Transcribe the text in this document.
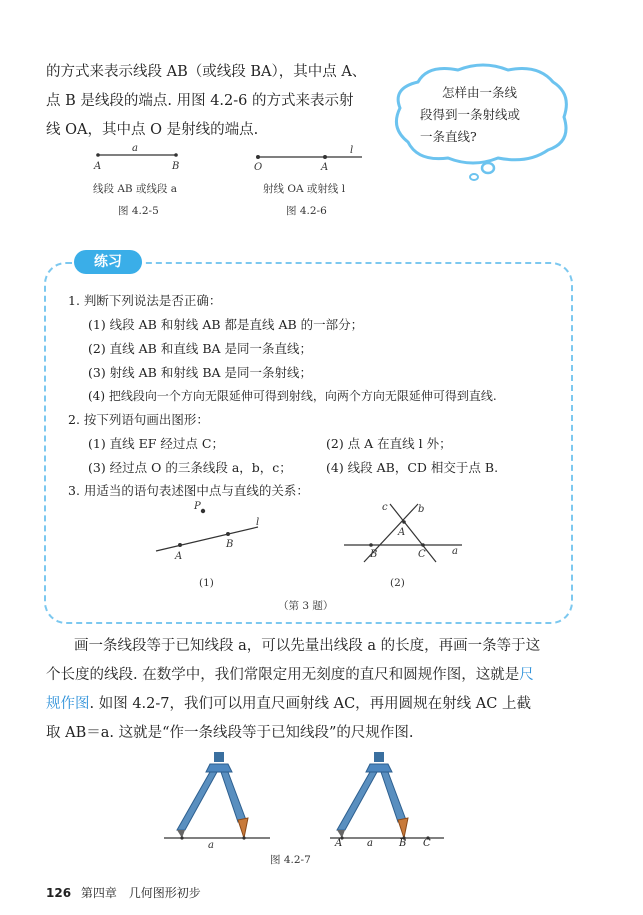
的方式来表示线段 AB（或线段 BA），其中点 A、
点 B 是线段的端点. 用图 4.2-6 的方式来表示射
线 OA，其中点 O 是射线的端点.
怎样由一条线
段得到一条射线或
一条直线?
a
A	B
线段 AB 或线段 a
图 4.2-5
l
O	A
射线 OA 或射线 l
图 4.2-6
练习
1. 判断下列说法是否正确：
(1) 线段 AB 和射线 AB 都是直线 AB 的一部分；
(2) 直线 AB 和直线 BA 是同一条直线；
(3) 射线 AB 和射线 BA 是同一条射线；
(4) 把线段向一个方向无限延伸可得到射线，向两个方向无限延伸可得到直线.
2. 按下列语句画出图形：
(1) 直线 EF 经过点 C；	(2) 点 A 在直线 l 外；
(3) 经过点 O 的三条线段 a，b，c；	(4) 线段 AB，CD 相交于点 B.
3. 用适当的语句表述图中点与直线的关系：
P
A
B
l
(1)
c	b
A
B	C	a
(2)
（第 3 题）
画一条线段等于已知线段 a，可以先量出线段 a 的长度，再画一条等于这
个长度的线段. 在数学中，我们常限定用无刻度的直尺和圆规作图，这就是尺
规作图. 如图 4.2-7，我们可以用直尺画射线 AC，再用圆规在射线 AC 上截
取 AB＝a. 这就是“作一条线段等于已知线段”的尺规作图.
a	A a	B C
图 4.2-7
126 第四章 几何图形初步
